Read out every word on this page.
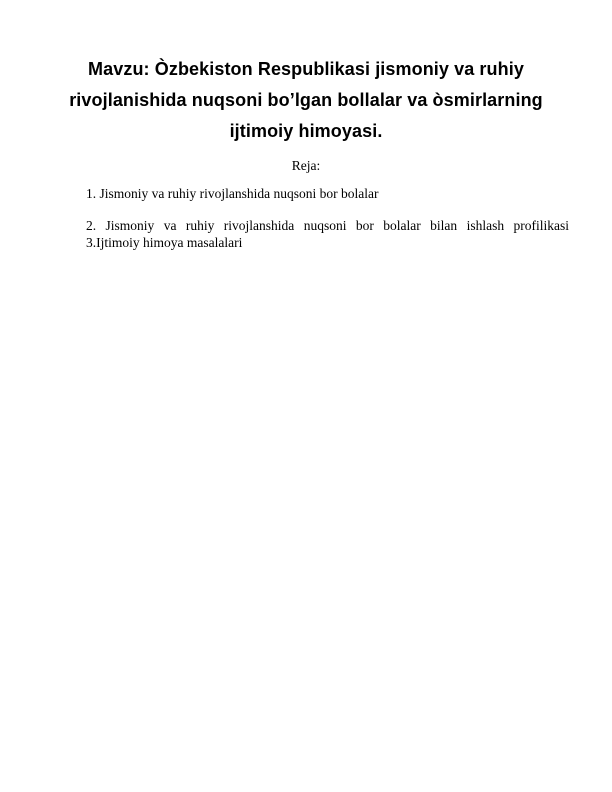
Mavzu: Òzbekiston Respublikasi jismoniy va ruhiy
rivojlanishida nuqsoni bo’lgan bollalar va òsmirlarning
ijtimoiy himoyasi.
Reja:
1. Jismoniy va ruhiy rivojlanshida nuqsoni bor bolalar
2. Jismoniy va ruhiy rivojlanshida nuqsoni bor bolalar bilan ishlash profilikasi
3.Ijtimoiy himoya masalalari
